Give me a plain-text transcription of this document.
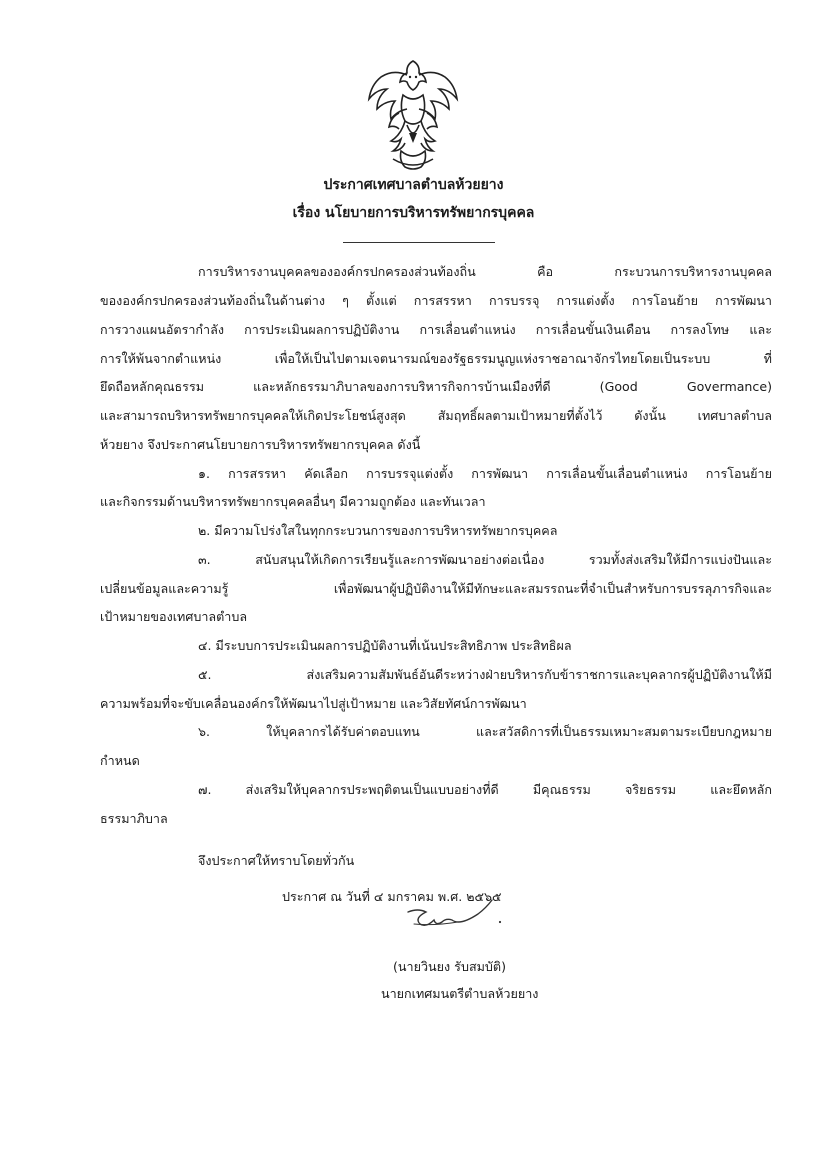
ประกาศเทศบาลตำบลห้วยยาง
เรื่อง นโยบายการบริหารทรัพยากรบุคคล
การบริหารงานบุคคลขององค์กรปกครองส่วนท้องถิ่น คือ กระบวนการบริหารงานบุคคล
ขององค์กรปกครองส่วนท้องถิ่นในด้านต่าง ๆ ตั้งแต่ การสรรหา การบรรจุ การแต่งตั้ง การโอนย้าย การพัฒนา
การวางแผนอัตรากำลัง การประเมินผลการปฏิบัติงาน การเลื่อนตำแหน่ง การเลื่อนขั้นเงินเดือน การลงโทษ และ
การให้พ้นจากตำแหน่ง เพื่อให้เป็นไปตามเจตนารมณ์ของรัฐธรรมนูญแห่งราชอาณาจักรไทยโดยเป็นระบบ ที่
ยึดถือหลักคุณธรรม และหลักธรรมาภิบาลของการบริหารกิจการบ้านเมืองที่ดี (Good Govermance)
และสามารถบริหารทรัพยากรบุคคลให้เกิดประโยชน์สูงสุด สัมฤทธิ์ผลตามเป้าหมายที่ตั้งไว้ ดังนั้น เทศบาลตำบล
ห้วยยาง จึงประกาศนโยบายการบริหารทรัพยากรบุคคล ดังนี้
๑. การสรรหา คัดเลือก การบรรจุแต่งตั้ง การพัฒนา การเลื่อนขั้นเลื่อนตำแหน่ง การโอนย้าย
และกิจกรรมด้านบริหารทรัพยากรบุคคลอื่นๆ มีความถูกต้อง และทันเวลา
๒. มีความโปร่งใสในทุกกระบวนการของการบริหารทรัพยากรบุคคล
๓. สนับสนุนให้เกิดการเรียนรู้และการพัฒนาอย่างต่อเนื่อง รวมทั้งส่งเสริมให้มีการแบ่งปันและ
เปลี่ยนข้อมูลและความรู้ เพื่อพัฒนาผู้ปฏิบัติงานให้มีทักษะและสมรรถนะที่จำเป็นสำหรับการบรรลุภารกิจและ
เป้าหมายของเทศบาลตำบล
๔. มีระบบการประเมินผลการปฏิบัติงานที่เน้นประสิทธิภาพ ประสิทธิผล
๕. ส่งเสริมความสัมพันธ์อันดีระหว่างฝ่ายบริหารกับข้าราชการและบุคลากรผู้ปฏิบัติงานให้มี
ความพร้อมที่จะขับเคลื่อนองค์กรให้พัฒนาไปสู่เป้าหมาย และวิสัยทัศน์การพัฒนา
๖. ให้บุคลากรได้รับค่าตอบแทน และสวัสดิการที่เป็นธรรมเหมาะสมตามระเบียบกฎหมาย
กำหนด
๗. ส่งเสริมให้บุคลากรประพฤติตนเป็นแบบอย่างที่ดี มีคุณธรรม จริยธรรม และยึดหลัก
ธรรมาภิบาล
จึงประกาศให้ทราบโดยทั่วกัน
ประกาศ ณ วันที่ ๔ มกราคม พ.ศ. ๒๕๖๕
(นายวินยง รับสมบัติ)
นายกเทศมนตรีตำบลห้วยยาง
